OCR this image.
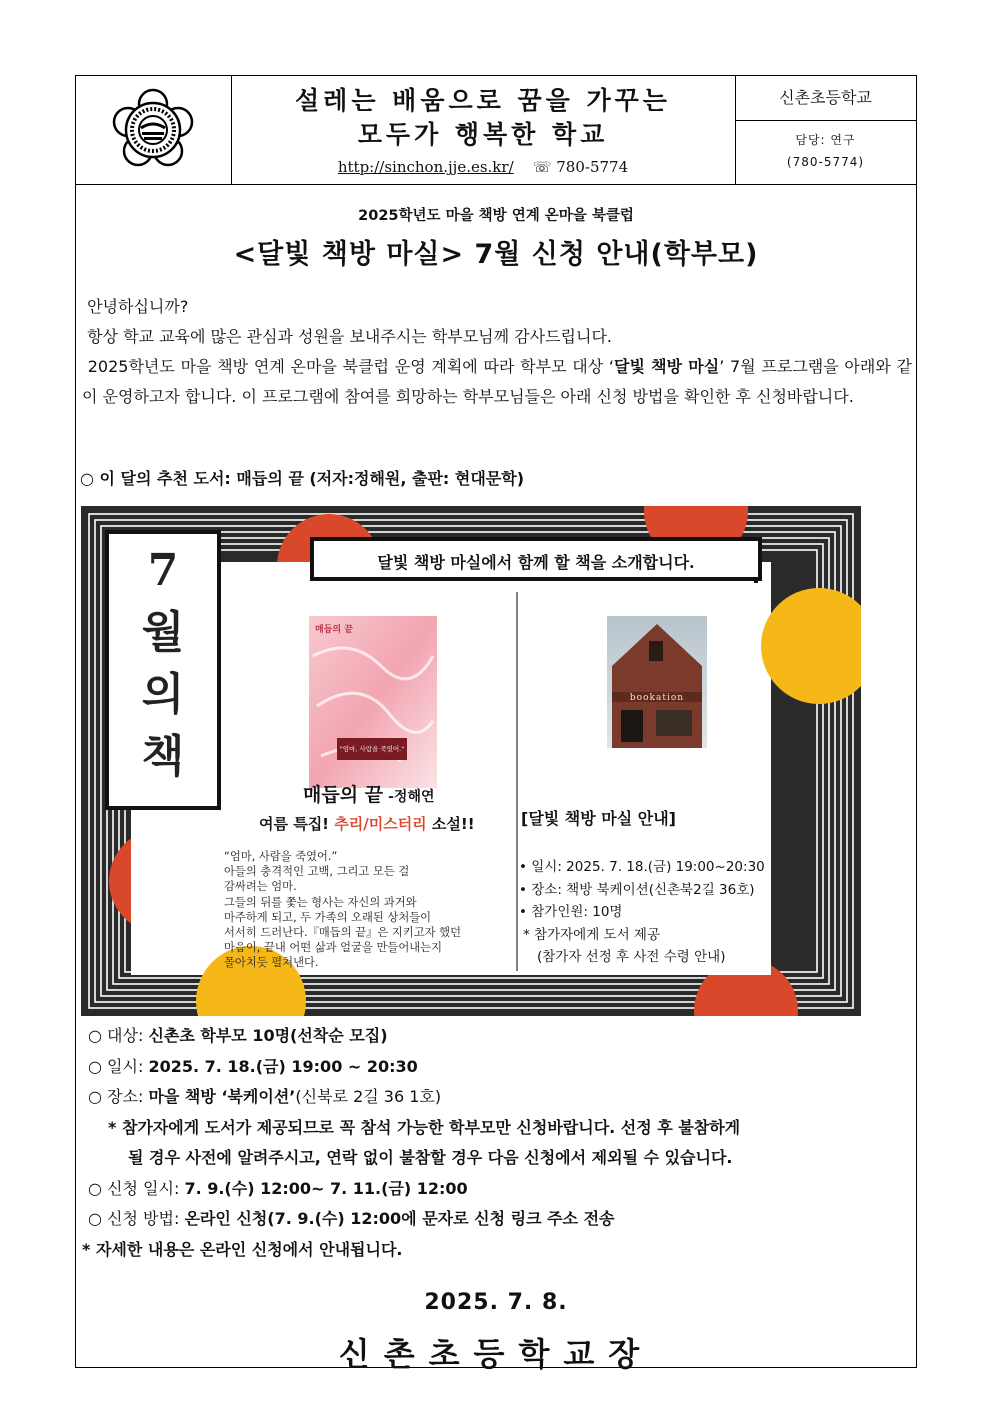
설레는 배움으로 꿈을 가꾸는
모두가 행복한 학교
http://sinchon.jje.es.kr/ ☏ 780-5774
신촌초등학교
담당: 연구
(780-5774)
2025학년도 마을 책방 연계 온마을 북클럽
<달빛 책방 마실> 7월 신청 안내(학부모)

안녕하십니까?

항상 학교 교육에 많은 관심과 성원을 보내주시는 학부모님께 감사드립니다.

2025학년도 마을 책방 연계 온마을 북클럽 운영 계획에 따라 학부모 대상 ‘달빛 책방 마실’ 7월 프로그램을 아래와 같이 운영하고자 합니다. 이 프로그램에 참여를 희망하는 학부모님들은 아래 신청 방법을 확인한 후 신청바랍니다.

○ 이 달의 추천 도서: 매듭의 끝 (저자:정해원, 출판: 현대문학)
7
월
의
책
달빛 책방 마실에서 함께 할 책을 소개합니다.
매듭의 끝
"엄마, 사람을 죽였어."
매듭의 끝 -정해연
여름 특집! 추리/미스터리 소설!!
“엄마, 사람을 죽였어.”
아들의 충격적인 고백, 그리고 모든 걸
감싸려는 엄마.
그들의 뒤를 쫓는 형사는 자신의 과거와
마주하게 되고, 두 가족의 오래된 상처들이
서서히 드러난다.『매듭의 끝』은 지키고자 했던
마음이, 끝내 어떤 삶과 얼굴을 만들어내는지
몰아치듯 펼쳐낸다.
bookation
[달빛 책방 마실 안내]
• 일시: 2025. 7. 18.(금) 19:00~20:30
• 장소: 책방 북케이션(신촌북2길 36호)
• 참가인원: 10명
* 참가자에게 도서 제공
(참가자 선정 후 사전 수령 안내)
○ 대상: 신촌초 학부모 10명(선착순 모집)
○ 일시: 2025. 7. 18.(금) 19:00 ~ 20:30
○ 장소: 마을 책방 ‘북케이션’(신북로 2길 36 1호)
* 참가자에게 도서가 제공되므로 꼭 참석 가능한 학부모만 신청바랍니다. 선정 후 불참하게
될 경우 사전에 알려주시고, 연락 없이 불참할 경우 다음 신청에서 제외될 수 있습니다.
○ 신청 일시: 7. 9.(수) 12:00~ 7. 11.(금) 12:00
○ 신청 방법: 온라인 신청(7. 9.(수) 12:00에 문자로 신청 링크 주소 전송
* 자세한 내용은 온라인 신청에서 안내됩니다.
2025. 7. 8.
신촌초등학교장
